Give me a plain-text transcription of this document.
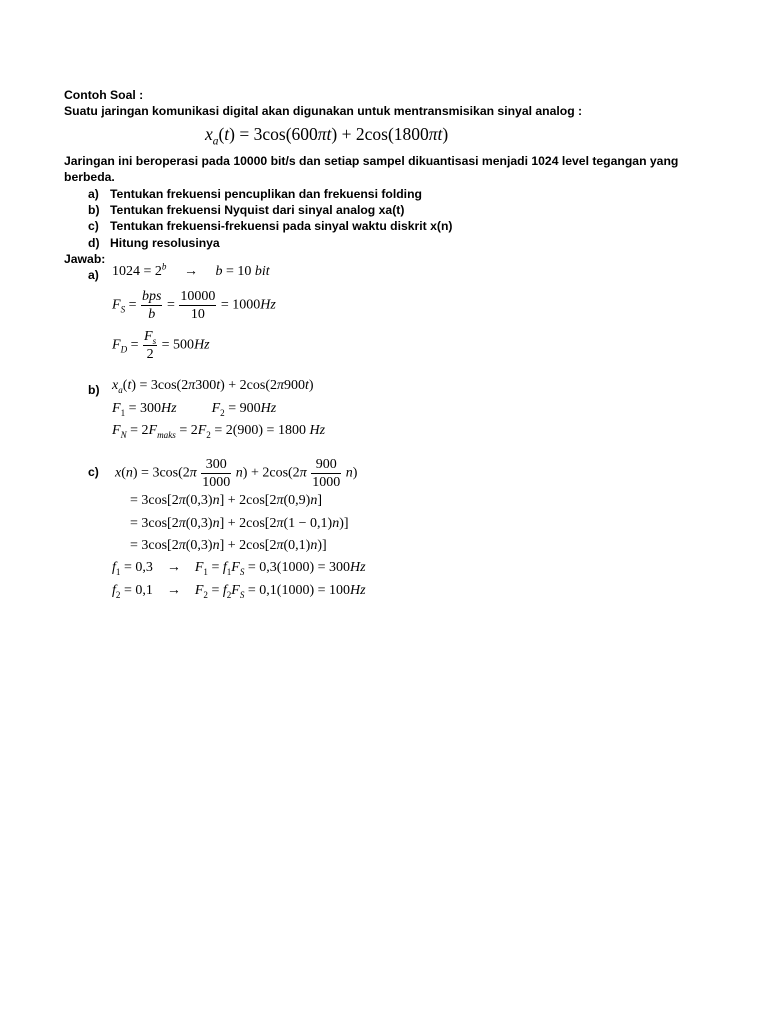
Contoh Soal :
Suatu jaringan komunikasi digital akan digunakan untuk mentransmisikan sinyal analog :
$x_a(t) = 3\cos(600\pi t) + 2\cos(1800\pi t)$
Jaringan ini beroperasi pada 10000 bit/s dan setiap sampel dikuantisasi menjadi 1024 level tegangan yang
berbeda.
a) Tentukan frekuensi pencuplikan dan frekuensi folding
b) Tentukan frekuensi Nyquist dari sinyal analog xa(t)
c) Tentukan frekuensi-frekuensi pada sinyal waktu diskrit x(n)
d) Hitung resolusinya
Jawab:
a) $1024 = 2^b$     →     b = 10 bit
$F_S = \frac{\text{bps}}{b} = \frac{10000}{10} = 1000Hz$
$F_D = \frac{F_s}{2} = 500Hz$
b) $x_a(t) = 3\cos(2\pi 300t) + 2\cos(2\pi 900t)$
$F_1 = 300Hz$	$F_2 = 900Hz$
$F_N = 2F_{maks} = 2F_2 = 2(900) = 1800$ Hz
c) $x(n) = 3\cos(2\pi \frac{300}{1000} n) + 2\cos(2\pi \frac{900}{1000} n)$
= 3cos[2π(0,3)n] + 2cos[2π(0,9)n]
= 3cos[2π(0,3)n] + 2cos[2π(1 − 0,1)n)]
= 3cos[2π(0,3)n] + 2cos[2π(0,1)n)]
$f_1 = 0,3$    →    $F_1 = f_1F_S = 0,3(1000) = 300Hz$
$f_2 = 0,1$    →    $F_2 = f_2F_S = 0,1(1000) = 100Hz$
